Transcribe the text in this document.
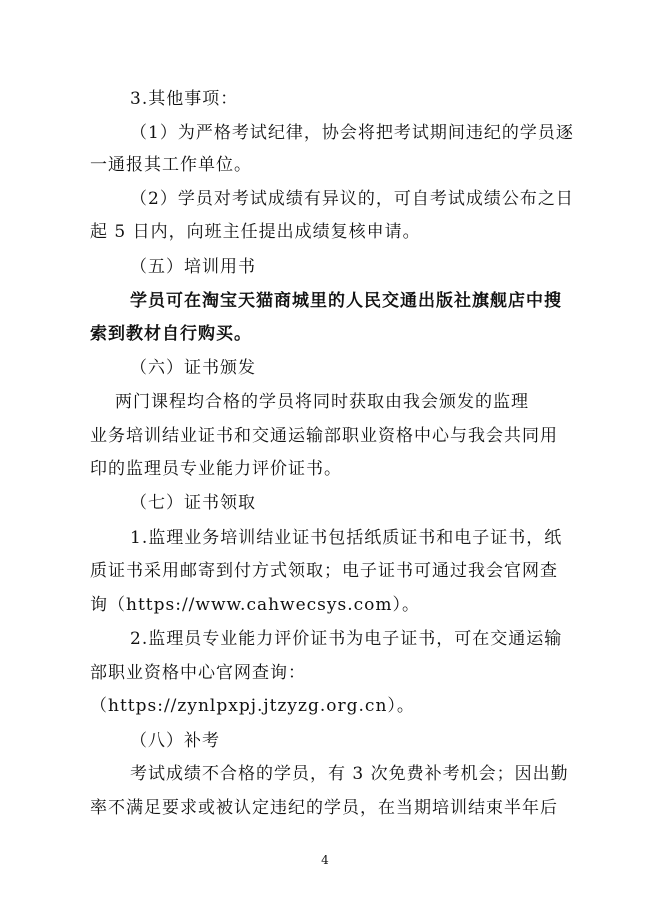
3.其他事项：
（1）为严格考试纪律，协会将把考试期间违纪的学员逐
一通报其工作单位。
（2）学员对考试成绩有异议的，可自考试成绩公布之日
起 5 日内，向班主任提出成绩复核申请。
（五）培训用书
学员可在淘宝天猫商城里的人民交通出版社旗舰店中搜
索到教材自行购买。
（六）证书颁发
两门课程均合格的学员将同时获取由我会颁发的监理
业务培训结业证书和交通运输部职业资格中心与我会共同用
印的监理员专业能力评价证书。
（七）证书领取
1.监理业务培训结业证书包括纸质证书和电子证书，纸
质证书采用邮寄到付方式领取；电子证书可通过我会官网查
询（https://www.cahwecsys.com）。
2.监理员专业能力评价证书为电子证书，可在交通运输
部职业资格中心官网查询：
（https://zynlpxpj.jtzyzg.org.cn）。
（八）补考
考试成绩不合格的学员，有 3 次免费补考机会；因出勤
率不满足要求或被认定违纪的学员，在当期培训结束半年后
4
